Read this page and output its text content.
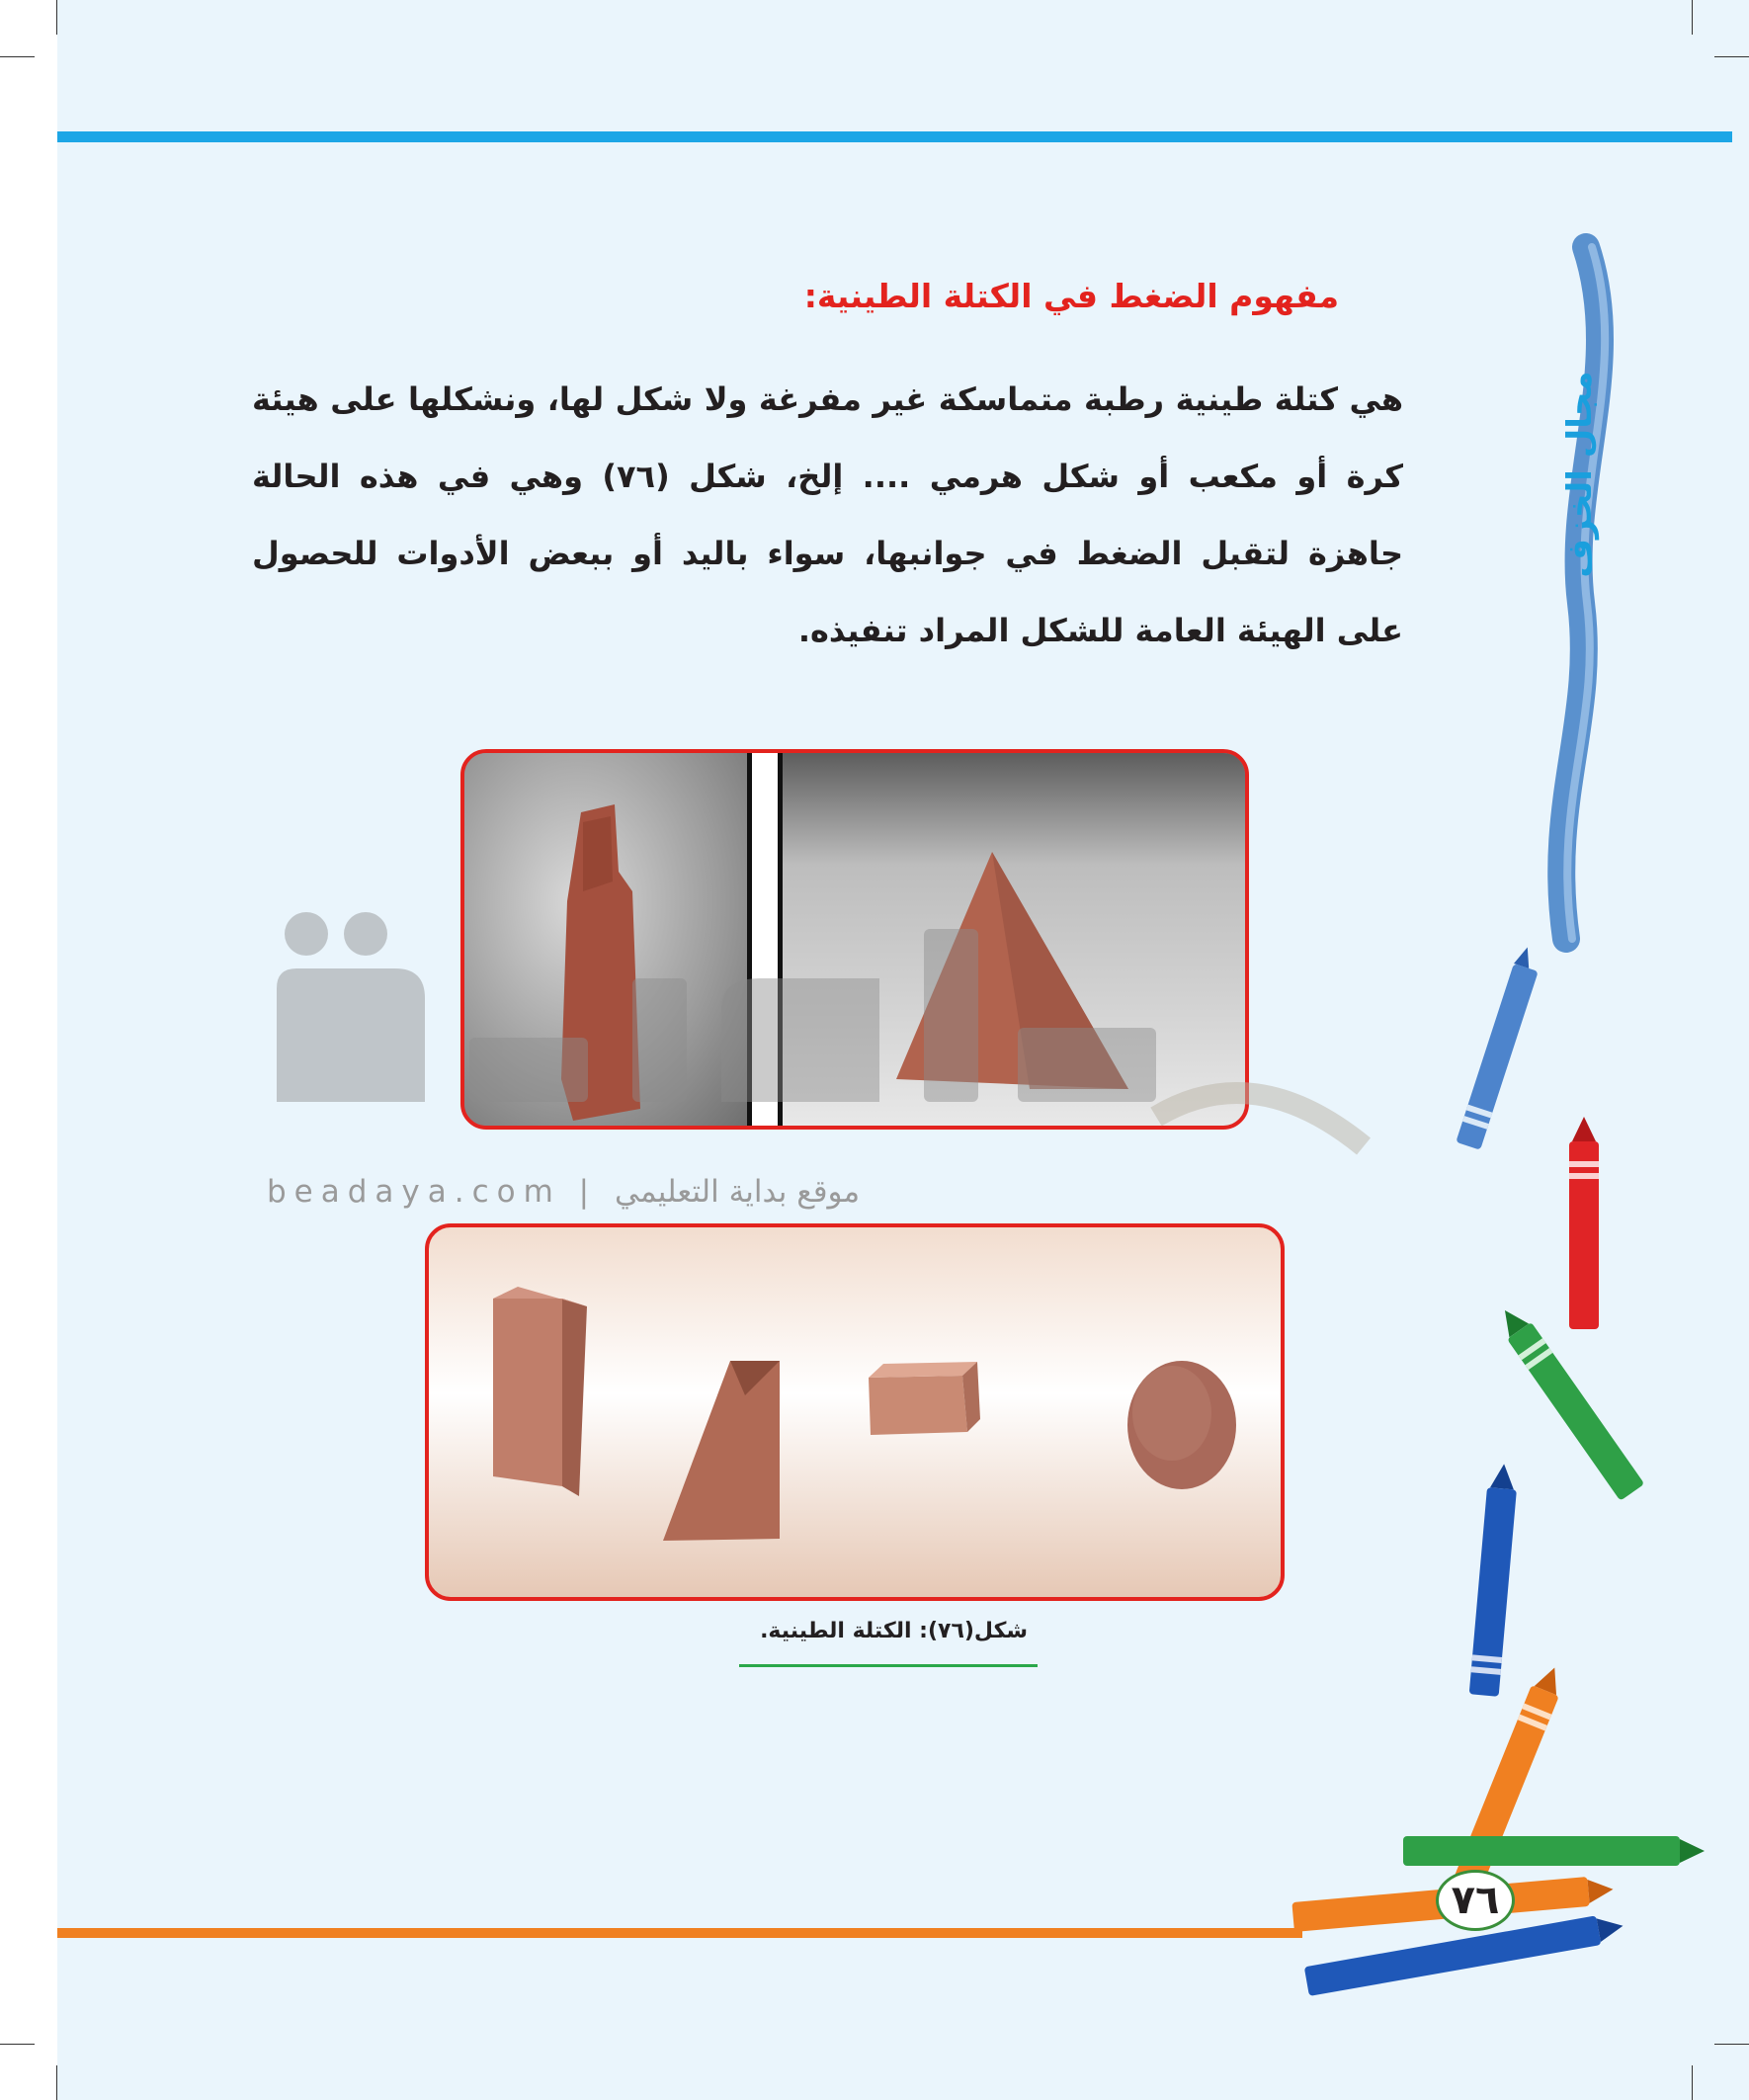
مجال الخزف
مفهوم الضغط في الكتلة الطينية:
هي كتلة طينية رطبة متماسكة غير مفرغة ولا شكل لها، ونشكلها على هيئة كرة أو مكعب أو شكل هرمي .... إلخ، شكل (٧٦) وهي في هذه الحالة جاهزة لتقبل الضغط في جوانبها، سواء باليد أو ببعض الأدوات للحصول على الهيئة العامة للشكل المراد تنفيذه.
beadaya.com | موقع بداية التعليمي
شكل(٧٦): الكتلة الطينية.
٧٦
